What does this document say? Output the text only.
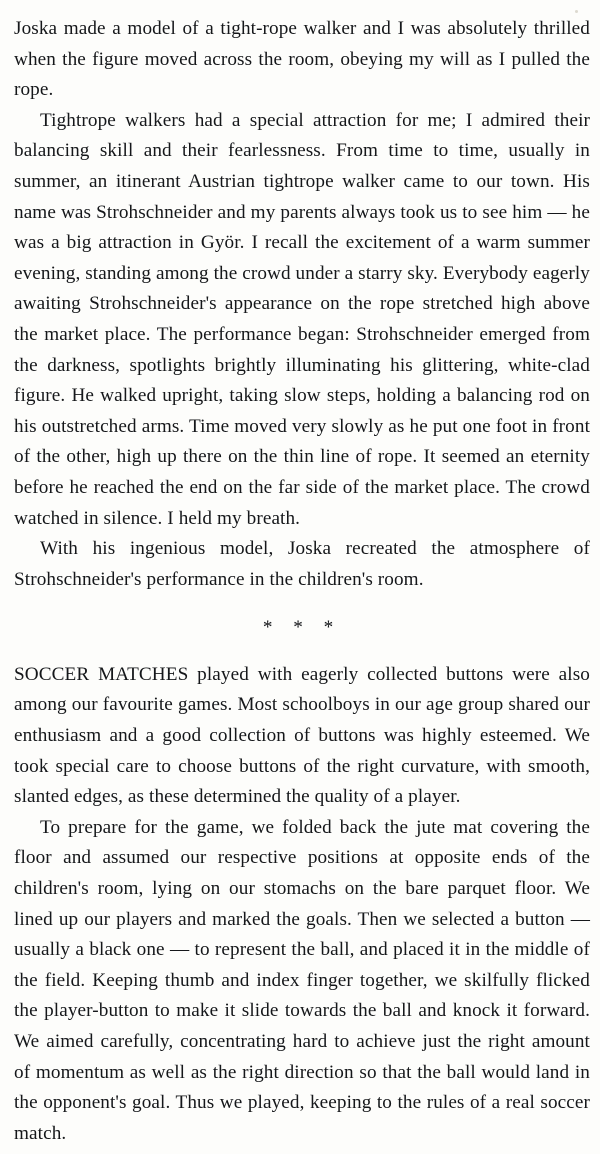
Joska made a model of a tight-rope walker and I was absolutely thrilled when the figure moved across the room, obeying my will as I pulled the rope.

Tightrope walkers had a special attraction for me; I admired their balancing skill and their fearlessness. From time to time, usually in summer, an itinerant Austrian tightrope walker came to our town. His name was Strohschneider and my parents always took us to see him — he was a big attraction in Györ. I recall the excitement of a warm summer evening, standing among the crowd under a starry sky. Everybody eagerly awaiting Strohschneider's appearance on the rope stretched high above the market place. The performance began: Strohschneider emerged from the darkness, spotlights brightly illuminating his glittering, white-clad figure. He walked upright, taking slow steps, holding a balancing rod on his outstretched arms. Time moved very slowly as he put one foot in front of the other, high up there on the thin line of rope. It seemed an eternity before he reached the end on the far side of the market place. The crowd watched in silence. I held my breath.

With his ingenious model, Joska recreated the atmosphere of Strohschneider's performance in the children's room.

* * *

SOCCER MATCHES played with eagerly collected buttons were also among our favourite games. Most schoolboys in our age group shared our enthusiasm and a good collection of buttons was highly esteemed. We took special care to choose buttons of the right curvature, with smooth, slanted edges, as these determined the quality of a player.

To prepare for the game, we folded back the jute mat covering the floor and assumed our respective positions at opposite ends of the children's room, lying on our stomachs on the bare parquet floor. We lined up our players and marked the goals. Then we selected a button — usually a black one — to represent the ball, and placed it in the middle of the field. Keeping thumb and index finger together, we skilfully flicked the player-button to make it slide towards the ball and knock it forward. We aimed carefully, concentrating hard to achieve just the right amount of momentum as well as the right direction so that the ball would land in the opponent's goal. Thus we played, keeping to the rules of a real soccer match.
